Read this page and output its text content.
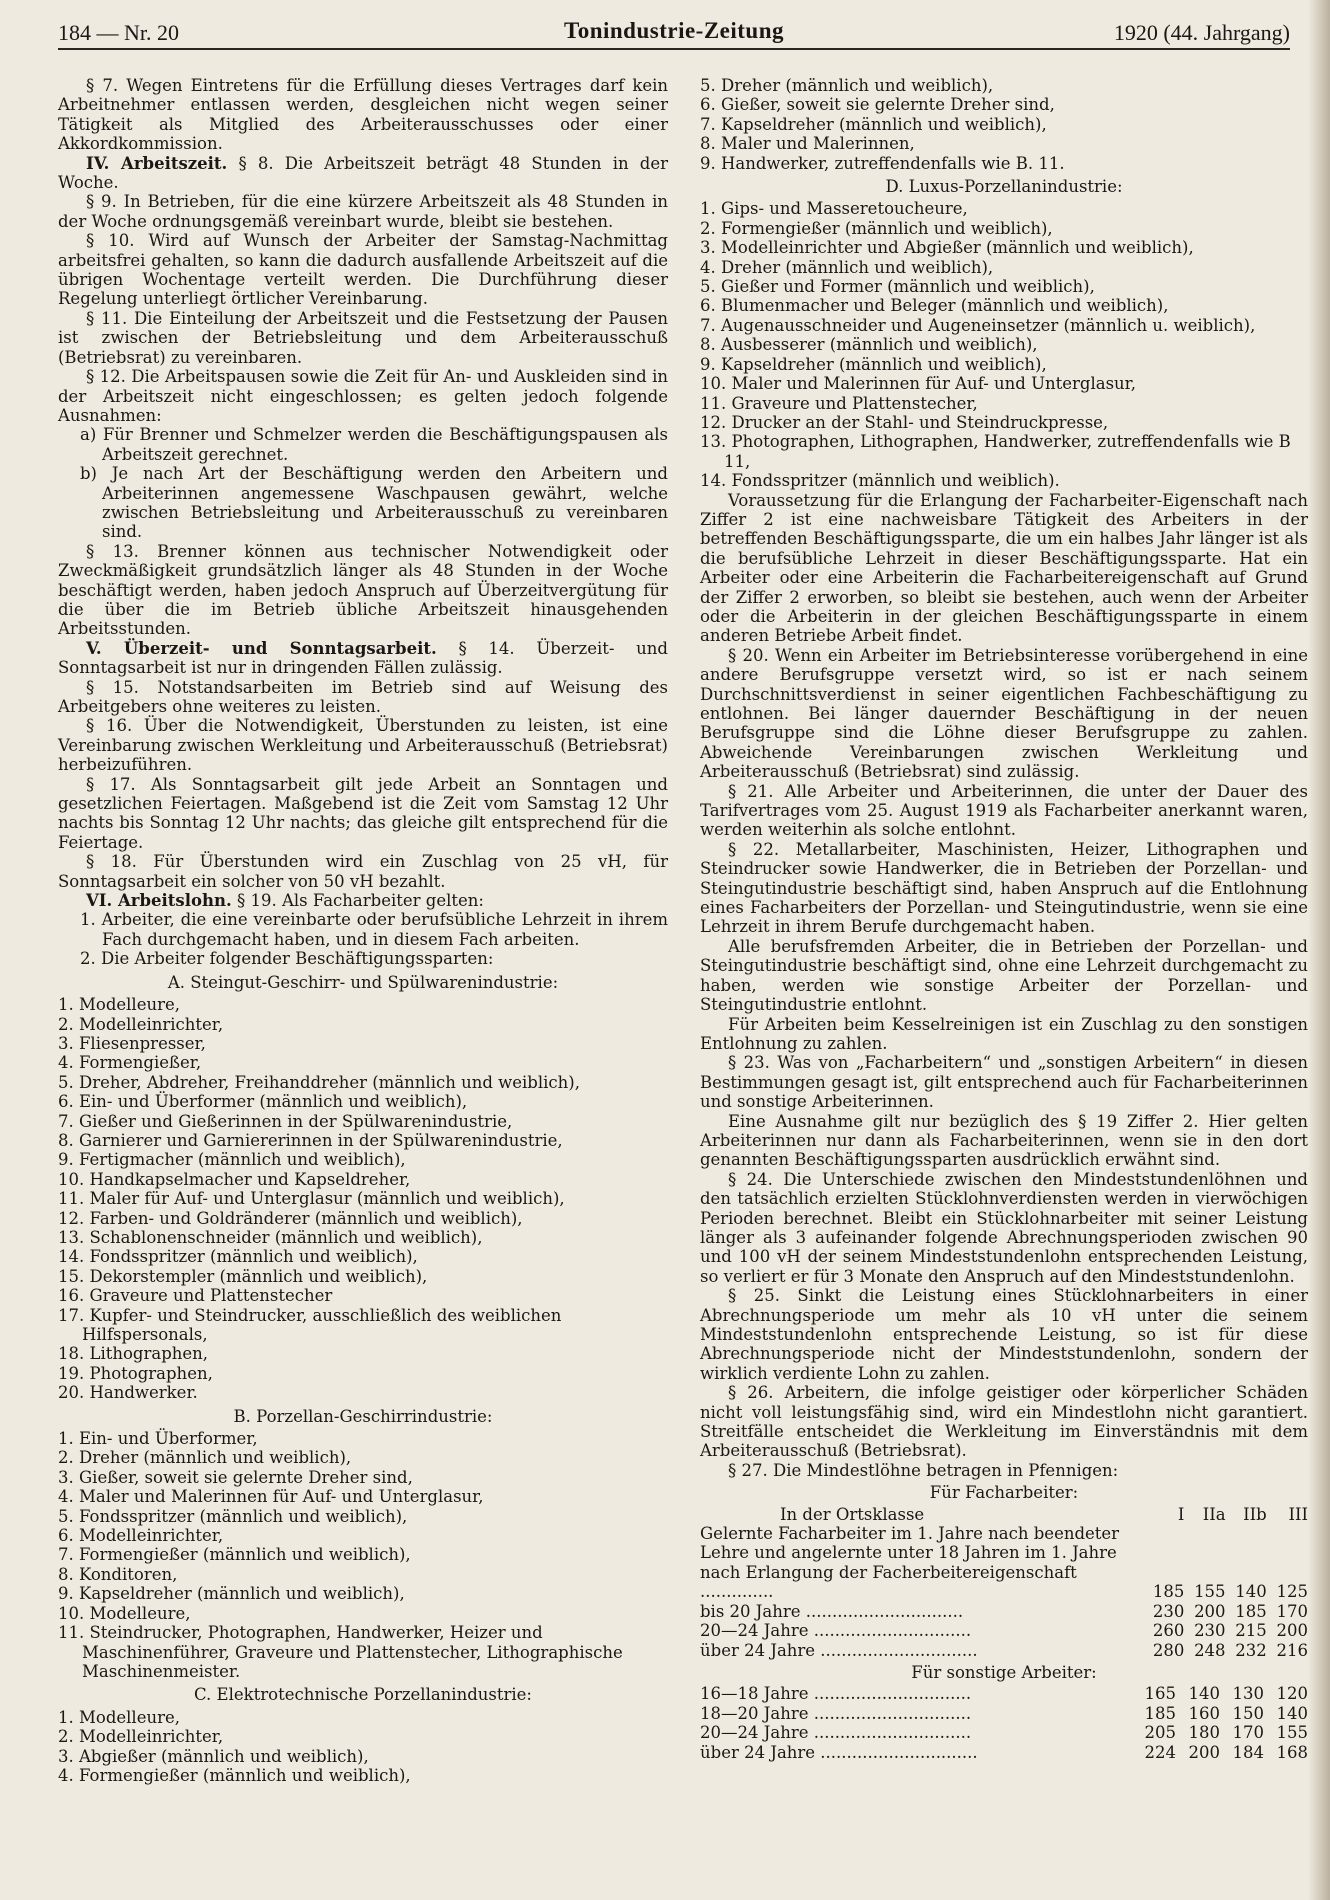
184 — Nr. 20	Tonindustrie-Zeitung	1920 (44. Jahrgang)

§ 7. Wegen Eintretens für die Erfüllung dieses Vertrages darf kein Arbeitnehmer entlassen werden, desgleichen nicht wegen seiner Tätigkeit als Mitglied des Arbeiterausschusses oder einer Akkordkommission.

IV. Arbeitszeit. § 8. Die Arbeitszeit beträgt 48 Stunden in der Woche.

§ 9. In Betrieben, für die eine kürzere Arbeitszeit als 48 Stunden in der Woche ordnungsgemäß vereinbart wurde, bleibt sie bestehen.

§ 10. Wird auf Wunsch der Arbeiter der Samstag-Nachmittag arbeitsfrei gehalten, so kann die dadurch ausfallende Arbeitszeit auf die übrigen Wochentage verteilt werden. Die Durchführung dieser Regelung unterliegt örtlicher Vereinbarung.

§ 11. Die Einteilung der Arbeitszeit und die Festsetzung der Pausen ist zwischen der Betriebsleitung und dem Arbeiterausschuß (Betriebsrat) zu vereinbaren.

§ 12. Die Arbeitspausen sowie die Zeit für An- und Auskleiden sind in der Arbeitszeit nicht eingeschlossen; es gelten jedoch folgende Ausnahmen:

a) Für Brenner und Schmelzer werden die Beschäftigungspausen als Arbeitszeit gerechnet.

b) Je nach Art der Beschäftigung werden den Arbeitern und Arbeiterinnen angemessene Waschpausen gewährt, welche zwischen Betriebsleitung und Arbeiterausschuß zu vereinbaren sind.

§ 13. Brenner können aus technischer Notwendigkeit oder Zweckmäßigkeit grundsätzlich länger als 48 Stunden in der Woche beschäftigt werden, haben jedoch Anspruch auf Überzeitvergütung für die über die im Betrieb übliche Arbeitszeit hinausgehenden Arbeitsstunden.

V. Überzeit- und Sonntagsarbeit. § 14. Überzeit- und Sonntagsarbeit ist nur in dringenden Fällen zulässig.

§ 15. Notstandsarbeiten im Betrieb sind auf Weisung des Arbeitgebers ohne weiteres zu leisten.

§ 16. Über die Notwendigkeit, Überstunden zu leisten, ist eine Vereinbarung zwischen Werkleitung und Arbeiterausschuß (Betriebsrat) herbeizuführen.

§ 17. Als Sonntagsarbeit gilt jede Arbeit an Sonntagen und gesetzlichen Feiertagen. Maßgebend ist die Zeit vom Samstag 12 Uhr nachts bis Sonntag 12 Uhr nachts; das gleiche gilt entsprechend für die Feiertage.

§ 18. Für Überstunden wird ein Zuschlag von 25 vH, für Sonntagsarbeit ein solcher von 50 vH bezahlt.

VI. Arbeitslohn. § 19. Als Facharbeiter gelten:

1. Arbeiter, die eine vereinbarte oder berufsübliche Lehrzeit in ihrem Fach durchgemacht haben, und in diesem Fach arbeiten.

2. Die Arbeiter folgender Beschäftigungssparten:

A. Steingut-Geschirr- und Spülwarenindustrie:
1. Modelleure,
2. Modelleinrichter,
3. Fliesenpresser,
4. Formengießer,
5. Dreher, Abdreher, Freihanddreher (männlich und weiblich),
6. Ein- und Überformer (männlich und weiblich),
7. Gießer und Gießerinnen in der Spülwarenindustrie,
8. Garnierer und Garniererinnen in der Spülwarenindustrie,
9. Fertigmacher (männlich und weiblich),
10. Handkapselmacher und Kapseldreher,
11. Maler für Auf- und Unterglasur (männlich und weiblich),
12. Farben- und Goldränderer (männlich und weiblich),
13. Schablonenschneider (männlich und weiblich),
14. Fondsspritzer (männlich und weiblich),
15. Dekorstempler (männlich und weiblich),
16. Graveure und Plattenstecher
17. Kupfer- und Steindrucker, ausschließlich des weiblichen Hilfspersonals,
18. Lithographen,
19. Photographen,
20. Handwerker.
B. Porzellan-Geschirrindustrie:
1. Ein- und Überformer,
2. Dreher (männlich und weiblich),
3. Gießer, soweit sie gelernte Dreher sind,
4. Maler und Malerinnen für Auf- und Unterglasur,
5. Fondsspritzer (männlich und weiblich),
6. Modelleinrichter,
7. Formengießer (männlich und weiblich),
8. Konditoren,
9. Kapseldreher (männlich und weiblich),
10. Modelleure,
11. Steindrucker, Photographen, Handwerker, Heizer und Maschinenführer, Graveure und Plattenstecher, Lithographische Maschinenmeister.
C. Elektrotechnische Porzellanindustrie:
1. Modelleure,
2. Modelleinrichter,
3. Abgießer (männlich und weiblich),
4. Formengießer (männlich und weiblich),
5. Dreher (männlich und weiblich),
6. Gießer, soweit sie gelernte Dreher sind,
7. Kapseldreher (männlich und weiblich),
8. Maler und Malerinnen,
9. Handwerker, zutreffendenfalls wie B. 11.
D. Luxus-Porzellanindustrie:
1. Gips- und Masseretoucheure,
2. Formengießer (männlich und weiblich),
3. Modelleinrichter und Abgießer (männlich und weiblich),
4. Dreher (männlich und weiblich),
5. Gießer und Former (männlich und weiblich),
6. Blumenmacher und Beleger (männlich und weiblich),
7. Augenausschneider und Augeneinsetzer (männlich u. weiblich),
8. Ausbesserer (männlich und weiblich),
9. Kapseldreher (männlich und weiblich),
10. Maler und Malerinnen für Auf- und Unterglasur,
11. Graveure und Plattenstecher,
12. Drucker an der Stahl- und Steindruckpresse,
13. Photographen, Lithographen, Handwerker, zutreffendenfalls wie B 11,
14. Fondsspritzer (männlich und weiblich).

Voraussetzung für die Erlangung der Facharbeiter-Eigenschaft nach Ziffer 2 ist eine nachweisbare Tätigkeit des Arbeiters in der betreffenden Beschäftigungssparte, die um ein halbes Jahr länger ist als die berufsübliche Lehrzeit in dieser Beschäftigungssparte. Hat ein Arbeiter oder eine Arbeiterin die Facharbeitereigenschaft auf Grund der Ziffer 2 erworben, so bleibt sie bestehen, auch wenn der Arbeiter oder die Arbeiterin in der gleichen Beschäftigungssparte in einem anderen Betriebe Arbeit findet.

§ 20. Wenn ein Arbeiter im Betriebsinteresse vorübergehend in eine andere Berufsgruppe versetzt wird, so ist er nach seinem Durchschnittsverdienst in seiner eigentlichen Fachbeschäftigung zu entlohnen. Bei länger dauernder Beschäftigung in der neuen Berufsgruppe sind die Löhne dieser Berufsgruppe zu zahlen. Abweichende Vereinbarungen zwischen Werkleitung und Arbeiterausschuß (Betriebsrat) sind zulässig.

§ 21. Alle Arbeiter und Arbeiterinnen, die unter der Dauer des Tarifvertrages vom 25. August 1919 als Facharbeiter anerkannt waren, werden weiterhin als solche entlohnt.

§ 22. Metallarbeiter, Maschinisten, Heizer, Lithographen und Steindrucker sowie Handwerker, die in Betrieben der Porzellan- und Steingutindustrie beschäftigt sind, haben Anspruch auf die Entlohnung eines Facharbeiters der Porzellan- und Steingutindustrie, wenn sie eine Lehrzeit in ihrem Berufe durchgemacht haben.

Alle berufsfremden Arbeiter, die in Betrieben der Porzellan- und Steingutindustrie beschäftigt sind, ohne eine Lehrzeit durchgemacht zu haben, werden wie sonstige Arbeiter der Porzellan- und Steingutindustrie entlohnt.

Für Arbeiten beim Kesselreinigen ist ein Zuschlag zu den sonstigen Entlohnung zu zahlen.

§ 23. Was von „Facharbeitern“ und „sonstigen Arbeitern“ in diesen Bestimmungen gesagt ist, gilt entsprechend auch für Facharbeiterinnen und sonstige Arbeiterinnen.

Eine Ausnahme gilt nur bezüglich des § 19 Ziffer 2. Hier gelten Arbeiterinnen nur dann als Facharbeiterinnen, wenn sie in den dort genannten Beschäftigungssparten ausdrücklich erwähnt sind.

§ 24. Die Unterschiede zwischen den Mindeststundenlöhnen und den tatsächlich erzielten Stücklohnverdiensten werden in vierwöchigen Perioden berechnet. Bleibt ein Stücklohnarbeiter mit seiner Leistung länger als 3 aufeinander folgende Abrechnungsperioden zwischen 90 und 100 vH der seinem Mindeststundenlohn entsprechenden Leistung, so verliert er für 3 Monate den Anspruch auf den Mindeststundenlohn.

§ 25. Sinkt die Leistung eines Stücklohnarbeiters in einer Abrechnungsperiode um mehr als 10 vH unter die seinem Mindeststundenlohn entsprechende Leistung, so ist für diese Abrechnungsperiode nicht der Mindeststundenlohn, sondern der wirklich verdiente Lohn zu zahlen.

§ 26. Arbeitern, die infolge geistiger oder körperlicher Schäden nicht voll leistungsfähig sind, wird ein Mindestlohn nicht garantiert. Streitfälle entscheidet die Werkleitung im Einverständnis mit dem Arbeiterausschuß (Betriebsrat).

§ 27. Die Mindestlöhne betragen in Pfennigen:

Für Facharbeiter:
In der Ortsklasse	I	IIa	IIb	III
Gelernte Facharbeiter im 1. Jahre nach beendeter Lehre und angelernte unter 18 Jahren im 1. Jahre nach Erlangung der Facherbeitereigenschaft ..............	185	155	140	125
bis 20 Jahre ..............................	230	200	185	170
20—24 Jahre ..............................	260	230	215	200
über 24 Jahre ..............................	280	248	232	216
Für sonstige Arbeiter:
16—18 Jahre ..............................	165	140	130	120
18—20 Jahre ..............................	185	160	150	140
20—24 Jahre ..............................	205	180	170	155
über 24 Jahre ..............................	224	200	184	168
